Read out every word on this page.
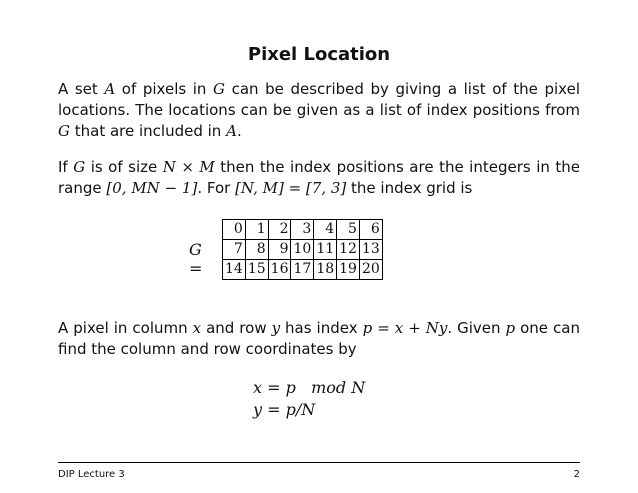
Pixel Location
A set A of pixels in G can be described by giving a list of the pixel locations. The locations can be given as a list of index positions from G that are included in A.
If G is of size N × M then the index positions are the integers in the range [0, MN − 1]. For [N, M] = [7, 3] the index grid is
G =
0	1	2	3	4	5	6
7	8	9	10	11	12	13
14	15	16	17	18	19	20
A pixel in column x and row y has index p = x + Ny. Given p one can find the column and row coordinates by
x = p   mod N
y = p/N
DIP Lecture 3	2
